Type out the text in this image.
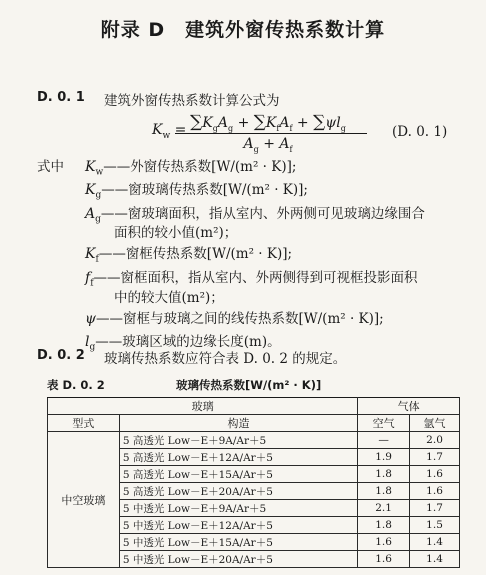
附录 D　建筑外窗传热系数计算
D. 0. 1 建筑外窗传热系数计算公式为
$K_w = \sum K_gA_g + \sum K_fA_f + \sum\psi l_g$
$A_g + A_f$
(D. 0. 1)
式中 $K_w——$外窗传热系数[W/(m² · K)];
$K_g——$窗玻璃传热系数[W/(m² · K)];
$A_g——$窗玻璃面积，指从室内、外两侧可见玻璃边缘围合
面积的较小值(m²)；
$K_f——$窗框传热系数[W/(m² · K)];
$f_f——$窗框面积，指从室内、外两侧得到可视框投影面积
中的较大值(m²)；
ψ——窗框与玻璃之间的线传热系数[W/(m² · K)];
$l_g——$玻璃区域的边缘长度(m)。
D. 0. 2 玻璃传热系数应符合表 D. 0. 2 的规定。
表 D. 0. 2	玻璃传热系数[W/(m² · K)]
玻璃		气体	
型式	构造	空气	氩气
中空玻璃	5 高透光 Low－E＋9A/Ar＋5	—	2.0
	5 高透光 Low－E＋12A/Ar＋5	1.9	1.7
	5 高透光 Low－E＋15A/Ar＋5	1.8	1.6
	5 高透光 Low－E＋20A/Ar＋5	1.8	1.6
	5 中透光 Low－E＋9A/Ar＋5	2.1	1.7
	5 中透光 Low－E＋12A/Ar＋5	1.8	1.5
	5 中透光 Low－E＋15A/Ar＋5	1.6	1.4
	5 中透光 Low－E＋20A/Ar＋5	1.6	1.4
